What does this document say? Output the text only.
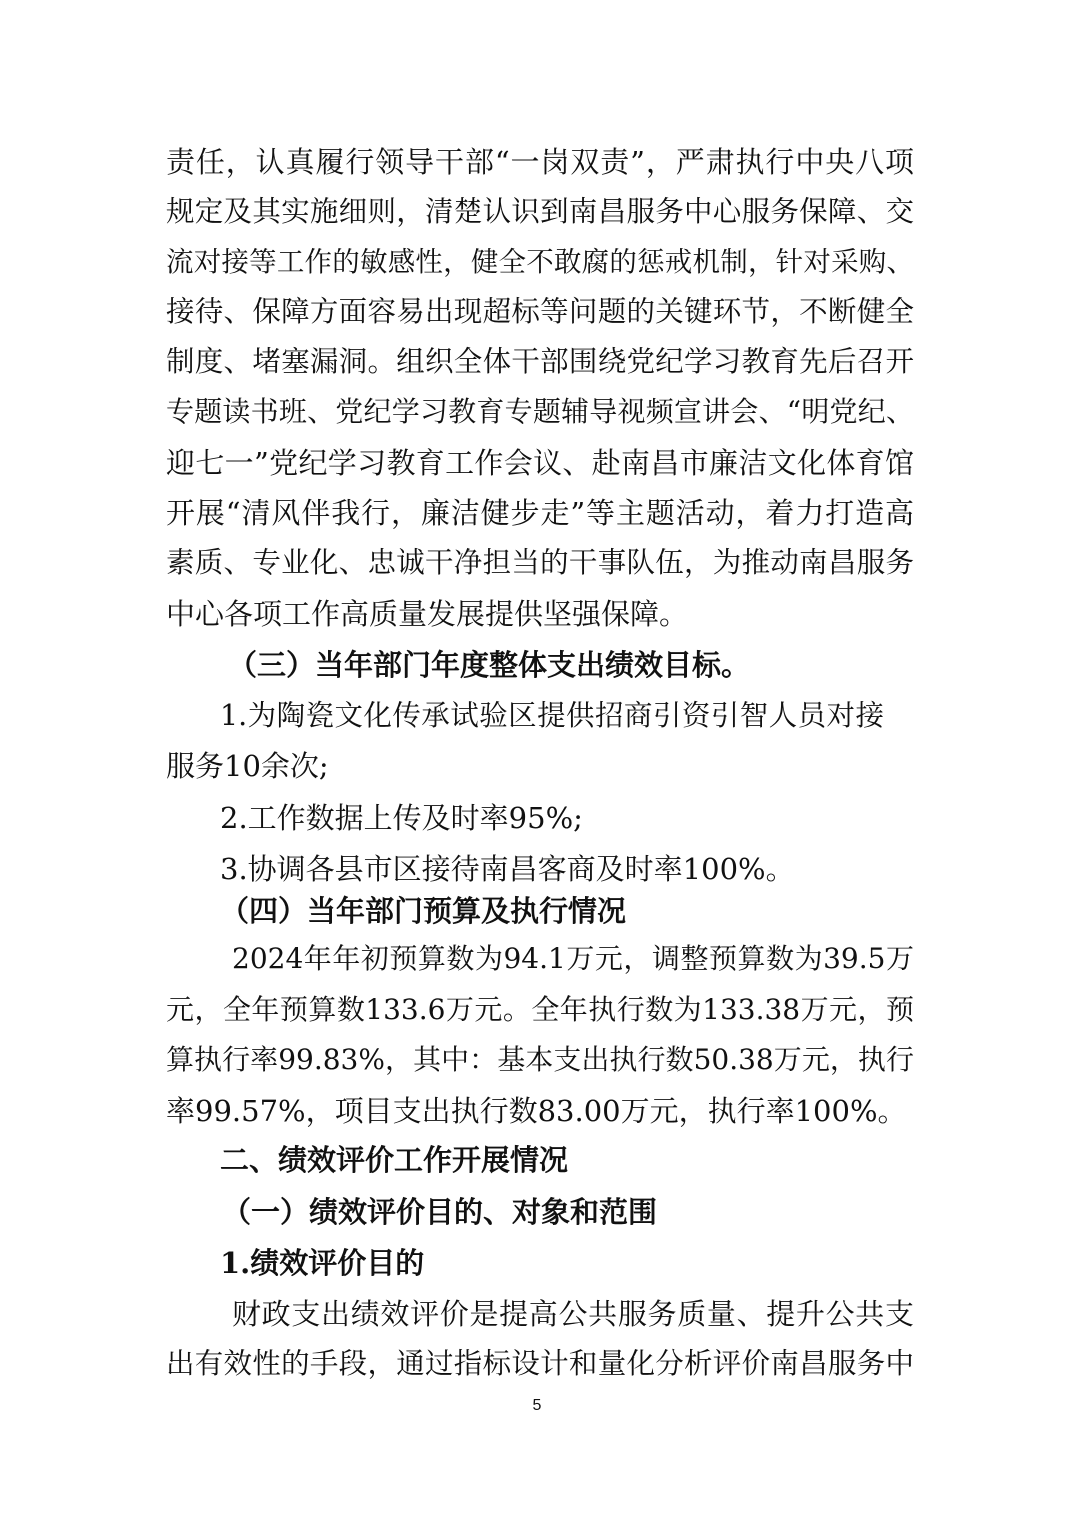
责任，认真履行领导干部“一岗双责”，严肃执行中央八项
规定及其实施细则，清楚认识到南昌服务中心服务保障、交
流对接等工作的敏感性，健全不敢腐的惩戒机制，针对采购、
接待、保障方面容易出现超标等问题的关键环节，不断健全
制度、堵塞漏洞。组织全体干部围绕党纪学习教育先后召开
专题读书班、党纪学习教育专题辅导视频宣讲会、“明党纪、
迎七一”党纪学习教育工作会议、赴南昌市廉洁文化体育馆
开展“清风伴我行，廉洁健步走”等主题活动，着力打造高
素质、专业化、忠诚干净担当的干事队伍，为推动南昌服务
中心各项工作高质量发展提供坚强保障。
（三）当年部门年度整体支出绩效目标。
1.为陶瓷文化传承试验区提供招商引资引智人员对接
服务10余次;
2.工作数据上传及时率95%;
3.协调各县市区接待南昌客商及时率100%。
（四）当年部门预算及执行情况
2024年年初预算数为94.1万元，调整预算数为39.5万
元，全年预算数133.6万元。全年执行数为133.38万元，预
算执行率99.83%，其中：基本支出执行数50.38万元，执行
率99.57%，项目支出执行数83.00万元，执行率100%。
二、绩效评价工作开展情况
（一）绩效评价目的、对象和范围
1.绩效评价目的
财政支出绩效评价是提高公共服务质量、提升公共支
出有效性的手段，通过指标设计和量化分析评价南昌服务中
5
